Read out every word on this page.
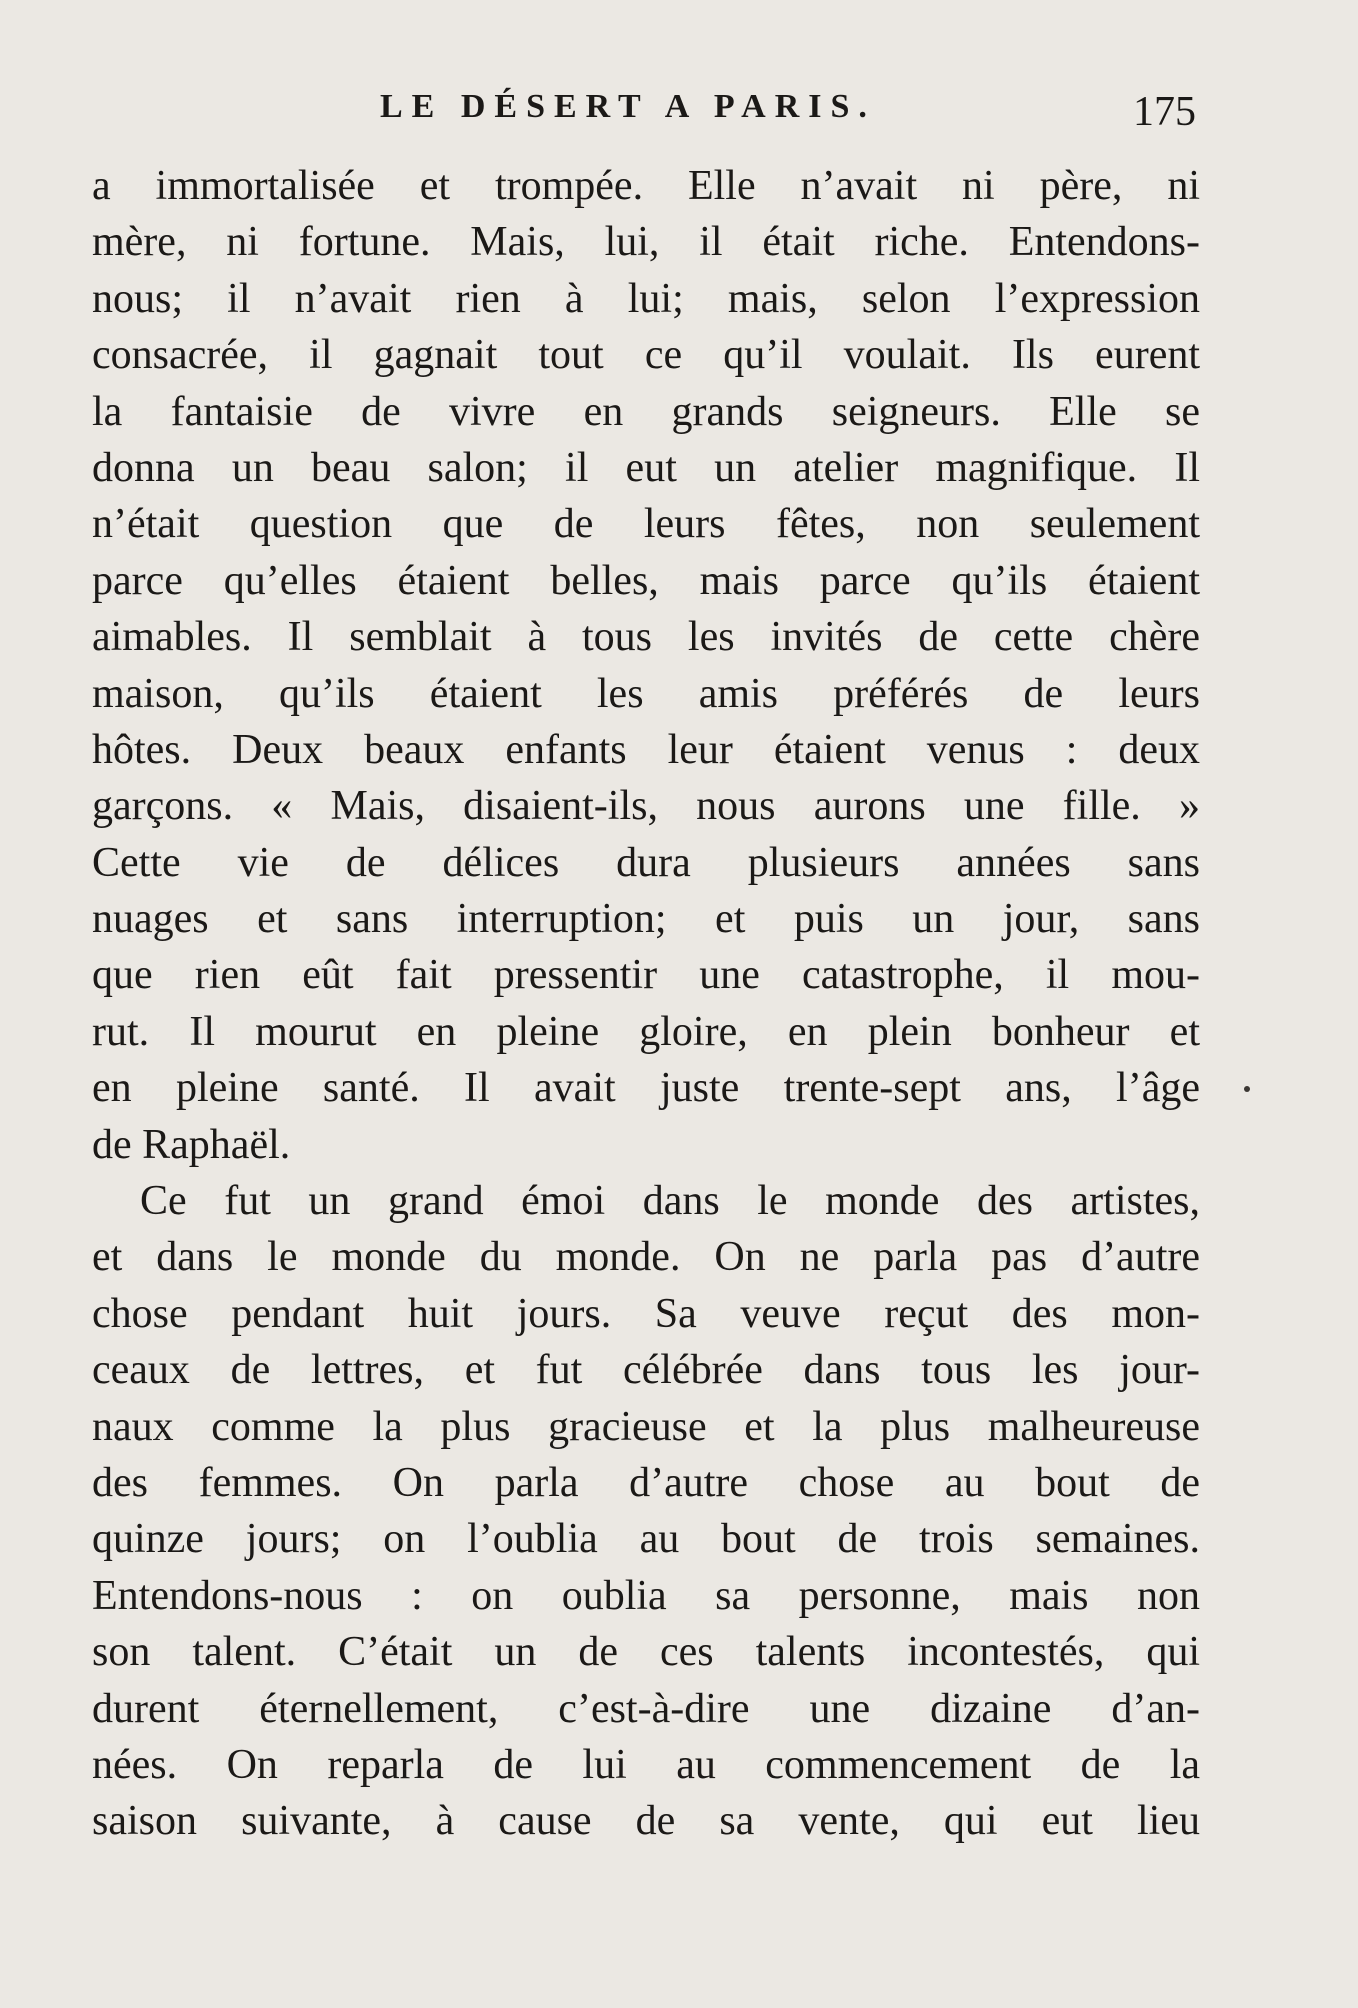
LE DÉSERT A PARIS.	175

a immortalisée et trompée. Elle n’avait ni père, ni
mère, ni fortune. Mais, lui, il était riche. Entendons-
nous; il n’avait rien à lui; mais, selon l’expression
consacrée, il gagnait tout ce qu’il voulait. Ils eurent
la fantaisie de vivre en grands seigneurs. Elle se
donna un beau salon; il eut un atelier magnifique. Il
n’était question que de leurs fêtes, non seulement
parce qu’elles étaient belles, mais parce qu’ils étaient
aimables. Il semblait à tous les invités de cette chère
maison, qu’ils étaient les amis préférés de leurs
hôtes. Deux beaux enfants leur étaient venus : deux
garçons. « Mais, disaient-ils, nous aurons une fille. »
Cette vie de délices dura plusieurs années sans
nuages et sans interruption; et puis un jour, sans
que rien eût fait pressentir une catastrophe, il mou-
rut. Il mourut en pleine gloire, en plein bonheur et
en pleine santé. Il avait juste trente-sept ans, l’âge
de Raphaël.

Ce fut un grand émoi dans le monde des artistes,
et dans le monde du monde. On ne parla pas d’autre
chose pendant huit jours. Sa veuve reçut des mon-
ceaux de lettres, et fut célébrée dans tous les jour-
naux comme la plus gracieuse et la plus malheureuse
des femmes. On parla d’autre chose au bout de
quinze jours; on l’oublia au bout de trois semaines.
Entendons-nous : on oublia sa personne, mais non
son talent. C’était un de ces talents incontestés, qui
durent éternellement, c’est-à-dire une dizaine d’an-
nées. On reparla de lui au commencement de la
saison suivante, à cause de sa vente, qui eut lieu
